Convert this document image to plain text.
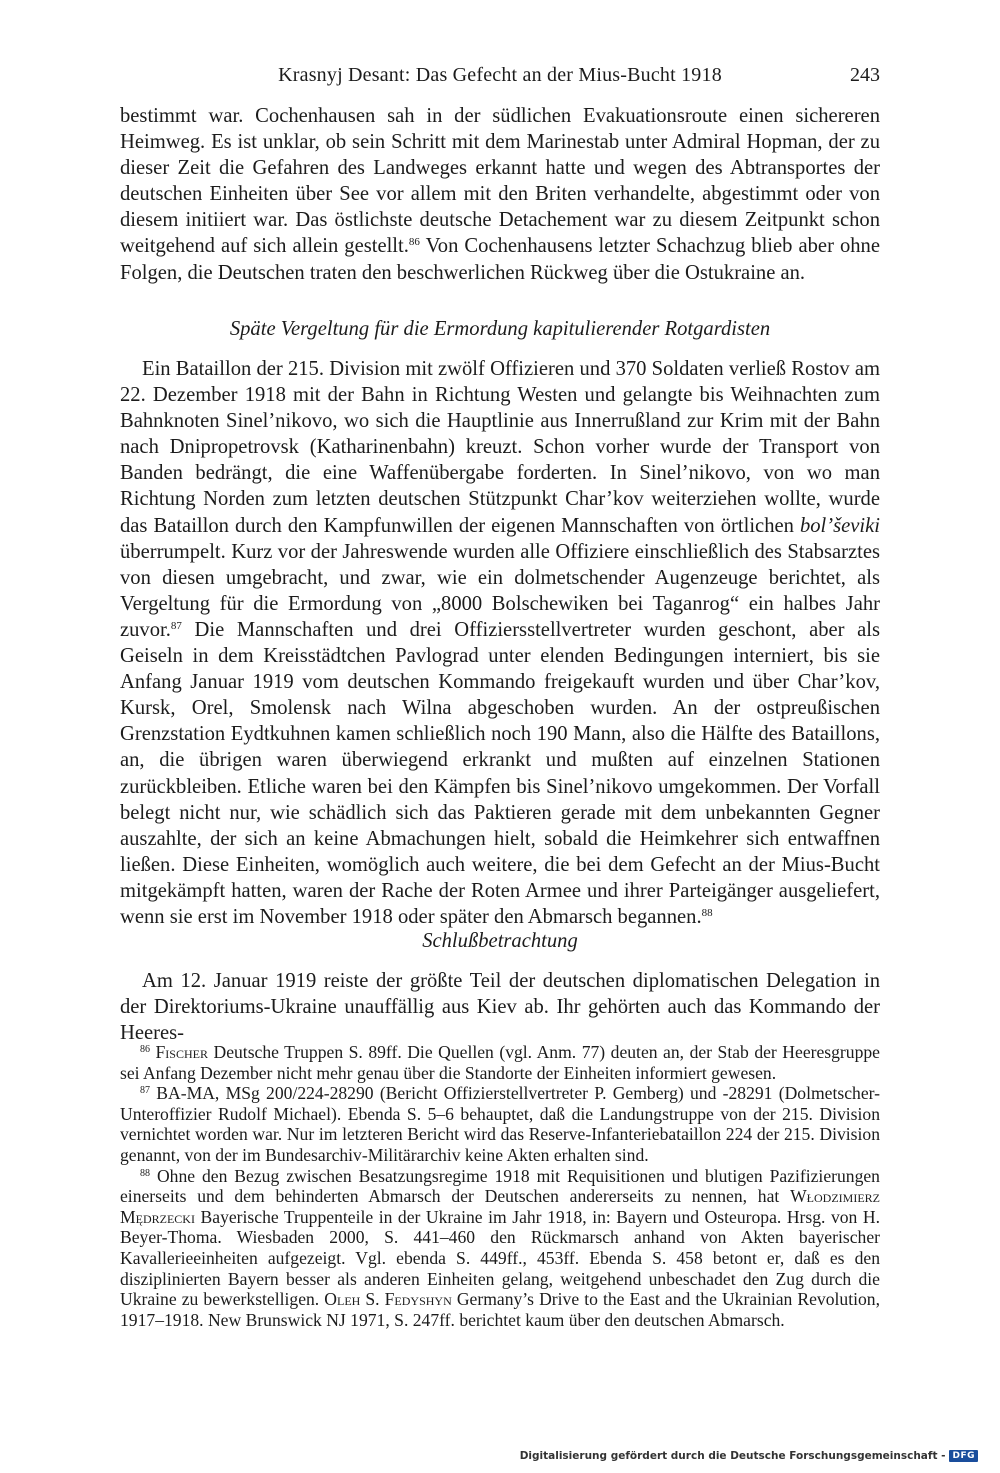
Krasnyj Desant: Das Gefecht an der Mius-Bucht 1918	243

bestimmt war. Cochenhausen sah in der südlichen Evakuationsroute einen sichereren Heimweg. Es ist unklar, ob sein Schritt mit dem Marinestab unter Admiral Hopman, der zu dieser Zeit die Gefahren des Landweges erkannt hatte und wegen des Abtransportes der deutschen Einheiten über See vor allem mit den Briten verhandelte, abgestimmt oder von diesem initiiert war. Das östlichste deutsche Detachement war zu diesem Zeitpunkt schon weitgehend auf sich allein gestellt.$^{86}$ Von Cochenhausens letzter Schachzug blieb aber ohne Folgen, die Deutschen traten den beschwerlichen Rückweg über die Ostukraine an.

Späte Vergeltung für die Ermordung kapitulierender Rotgardisten

Ein Bataillon der 215. Division mit zwölf Offizieren und 370 Soldaten verließ Rostov am 22. Dezember 1918 mit der Bahn in Richtung Westen und gelangte bis Weihnachten zum Bahnknoten Sinel’nikovo, wo sich die Hauptlinie aus Innerrußland zur Krim mit der Bahn nach Dnipropetrovsk (Katharinenbahn) kreuzt. Schon vorher wurde der Transport von Banden bedrängt, die eine Waffenübergabe forderten. In Sinel’nikovo, von wo man Richtung Norden zum letzten deutschen Stützpunkt Char’kov weiterziehen wollte, wurde das Bataillon durch den Kampfunwillen der eigenen Mannschaften von örtlichen bol’ševiki überrumpelt. Kurz vor der Jahreswende wurden alle Offiziere einschließlich des Stabsarztes von diesen umgebracht, und zwar, wie ein dolmetschender Augenzeuge berichtet, als Vergeltung für die Ermordung von „8000 Bolschewiken bei Taganrog“ ein halbes Jahr zuvor.$^{87}$ Die Mannschaften und drei Offiziersstellvertreter wurden geschont, aber als Geiseln in dem Kreisstädtchen Pavlograd unter elenden Bedingungen interniert, bis sie Anfang Januar 1919 vom deutschen Kommando freigekauft wurden und über Char’kov, Kursk, Orel, Smolensk nach Wilna abgeschoben wurden. An der ostpreußischen Grenzstation Eydtkuhnen kamen schließlich noch 190 Mann, also die Hälfte des Bataillons, an, die übrigen waren überwiegend erkrankt und mußten auf einzelnen Stationen zurückbleiben. Etliche waren bei den Kämpfen bis Sinel’nikovo umgekommen. Der Vorfall belegt nicht nur, wie schädlich sich das Paktieren gerade mit dem unbekannten Gegner auszahlte, der sich an keine Abmachungen hielt, sobald die Heimkehrer sich entwaffnen ließen. Diese Einheiten, womöglich auch weitere, die bei dem Gefecht an der Mius-Bucht mitgekämpft hatten, waren der Rache der Roten Armee und ihrer Parteigänger ausgeliefert, wenn sie erst im November 1918 oder später den Abmarsch begannen.$^{88}$

Schlußbetrachtung

Am 12. Januar 1919 reiste der größte Teil der deutschen diplomatischen Delegation in der Direktoriums-Ukraine unauffällig aus Kiev ab. Ihr gehörten auch das Kommando der Heeres-

$^{86}$ Fischer Deutsche Truppen S. 89ff. Die Quellen (vgl. Anm. 77) deuten an, der Stab der Heeresgruppe sei Anfang Dezember nicht mehr genau über die Standorte der Einheiten informiert gewesen.

$^{87}$ BA-MA, MSg 200/224-28290 (Bericht Offizierstellvertreter P. Gemberg) und -28291 (Dolmetscher-Unteroffizier Rudolf Michael). Ebenda S. 5–6 behauptet, daß die Landungstruppe von der 215. Division vernichtet worden war. Nur im letzteren Bericht wird das Reserve-Infanteriebataillon 224 der 215. Division genannt, von der im Bundesarchiv-Militärarchiv keine Akten erhalten sind.

$^{88}$ Ohne den Bezug zwischen Besatzungsregime 1918 mit Requisitionen und blutigen Pazifizierungen einerseits und dem behinderten Abmarsch der Deutschen andererseits zu nennen, hat Włodzimierz Mędrzecki Bayerische Truppenteile in der Ukraine im Jahr 1918, in: Bayern und Osteuropa. Hrsg. von H. Beyer-Thoma. Wiesbaden 2000, S. 441–460 den Rückmarsch anhand von Akten bayerischer Kavallerieeinheiten aufgezeigt. Vgl. ebenda S. 449ff., 453ff. Ebenda S. 458 betont er, daß es den disziplinierten Bayern besser als anderen Einheiten gelang, weitgehend unbeschadet den Zug durch die Ukraine zu bewerkstelligen. Oleh S. Fedyshyn Germany’s Drive to the East and the Ukrainian Revolution, 1917–1918. New Brunswick NJ 1971, S. 247ff. berichtet kaum über den deutschen Abmarsch.

Digitalisierung gefördert durch die Deutsche Forschungsgemeinschaft - DFG
